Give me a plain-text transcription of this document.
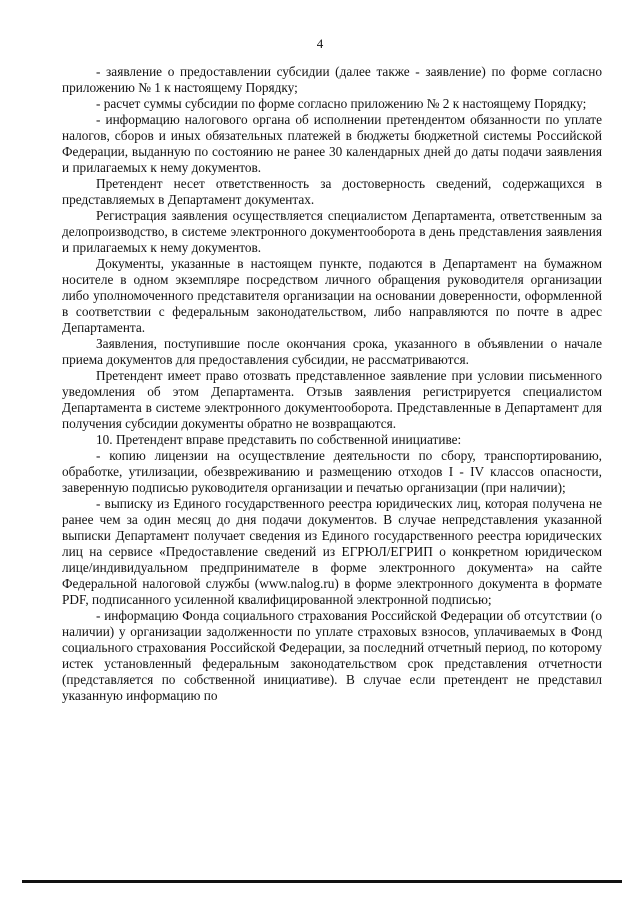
4

- заявление о предоставлении субсидии (далее также - заявление) по форме согласно приложению № 1 к настоящему Порядку;

- расчет суммы субсидии по форме согласно приложению № 2 к настоящему Порядку;

- информацию налогового органа об исполнении претендентом обязанности по уплате налогов, сборов и иных обязательных платежей в бюджеты бюджетной системы Российской Федерации, выданную по состоянию не ранее 30 календарных дней до даты подачи заявления и прилагаемых к нему документов.

Претендент несет ответственность за достоверность сведений, содержащихся в представляемых в Департамент документах.

Регистрация заявления осуществляется специалистом Департамента, ответственным за делопроизводство, в системе электронного документооборота в день представления заявления и прилагаемых к нему документов.

Документы, указанные в настоящем пункте, подаются в Департамент на бумажном носителе в одном экземпляре посредством личного обращения руководителя организации либо уполномоченного представителя организации на основании доверенности, оформленной в соответствии с федеральным законодательством, либо направляются по почте в адрес Департамента.

Заявления, поступившие после окончания срока, указанного в объявлении о начале приема документов для предоставления субсидии, не рассматриваются.

Претендент имеет право отозвать представленное заявление при условии письменного уведомления об этом Департамента. Отзыв заявления регистрируется специалистом Департамента в системе электронного документооборота. Представленные в Департамент для получения субсидии документы обратно не возвращаются.

10. Претендент вправе представить по собственной инициативе:

- копию лицензии на осуществление деятельности по сбору, транспортированию, обработке, утилизации, обезвреживанию и размещению отходов I - IV классов опасности, заверенную подписью руководителя организации и печатью организации (при наличии);

- выписку из Единого государственного реестра юридических лиц, которая получена не ранее чем за один месяц до дня подачи документов. В случае непредставления указанной выписки Департамент получает сведения из Единого государственного реестра юридических лиц на сервисе «Предоставление сведений из ЕГРЮЛ/ЕГРИП о конкретном юридическом лице/индивидуальном предпринимателе в форме электронного документа» на сайте Федеральной налоговой службы (www.nalog.ru) в форме электронного документа в формате PDF, подписанного усиленной квалифицированной электронной подписью;

- информацию Фонда социального страхования Российской Федерации об отсутствии (о наличии) у организации задолженности по уплате страховых взносов, уплачиваемых в Фонд социального страхования Российской Федерации, за последний отчетный период, по которому истек установленный федеральным законодательством срок представления отчетности (представляется по собственной инициативе). В случае если претендент не представил указанную информацию по
